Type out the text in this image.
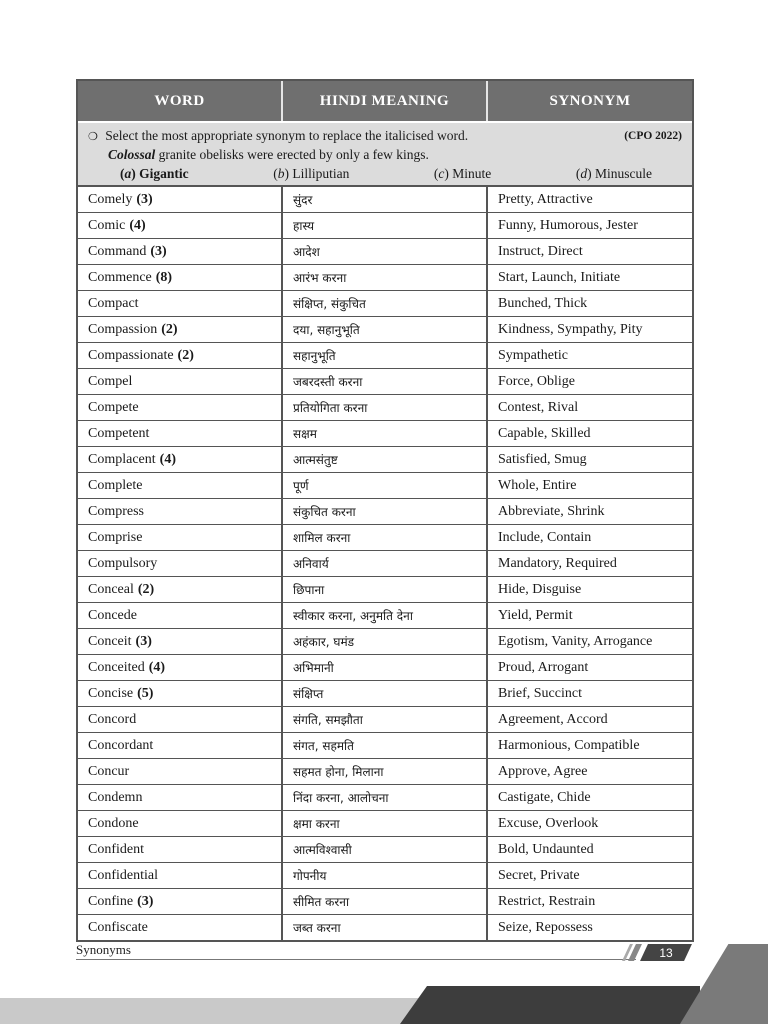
WORD	HINDI MEANING	SYNONYM
❍ Select the most appropriate synonym to replace the italicised word.	(CPO 2022)
Colossal granite obelisks were erected by only a few kings.
(a) Gigantic	(b) Lilliputian	(c) Minute	(d) Minuscule
Comely (3)	सुंदर	Pretty, Attractive
Comic (4)	हास्य	Funny, Humorous, Jester
Command (3)	आदेश	Instruct, Direct
Commence (8)	आरंभ करना	Start, Launch, Initiate
Compact	संक्षिप्त, संकुचित	Bunched, Thick
Compassion (2)	दया, सहानुभूति	Kindness, Sympathy, Pity
Compassionate (2)	सहानुभूति	Sympathetic
Compel	जबरदस्ती करना	Force, Oblige
Compete	प्रतियोगिता करना	Contest, Rival
Competent	सक्षम	Capable, Skilled
Complacent (4)	आत्मसंतुष्ट	Satisfied, Smug
Complete	पूर्ण	Whole, Entire
Compress	संकुचित करना	Abbreviate, Shrink
Comprise	शामिल करना	Include, Contain
Compulsory	अनिवार्य	Mandatory, Required
Conceal (2)	छिपाना	Hide, Disguise
Concede	स्वीकार करना, अनुमति देना	Yield, Permit
Conceit (3)	अहंकार, घमंड	Egotism, Vanity, Arrogance
Conceited (4)	अभिमानी	Proud, Arrogant
Concise (5)	संक्षिप्त	Brief, Succinct
Concord	संगति, समझौता	Agreement, Accord
Concordant	संगत, सहमति	Harmonious, Compatible
Concur	सहमत होना, मिलाना	Approve, Agree
Condemn	निंदा करना, आलोचना	Castigate, Chide
Condone	क्षमा करना	Excuse, Overlook
Confident	आत्मविश्वासी	Bold, Undaunted
Confidential	गोपनीय	Secret, Private
Confine (3)	सीमित करना	Restrict, Restrain
Confiscate	जब्त करना	Seize, Repossess
Synonyms	13
